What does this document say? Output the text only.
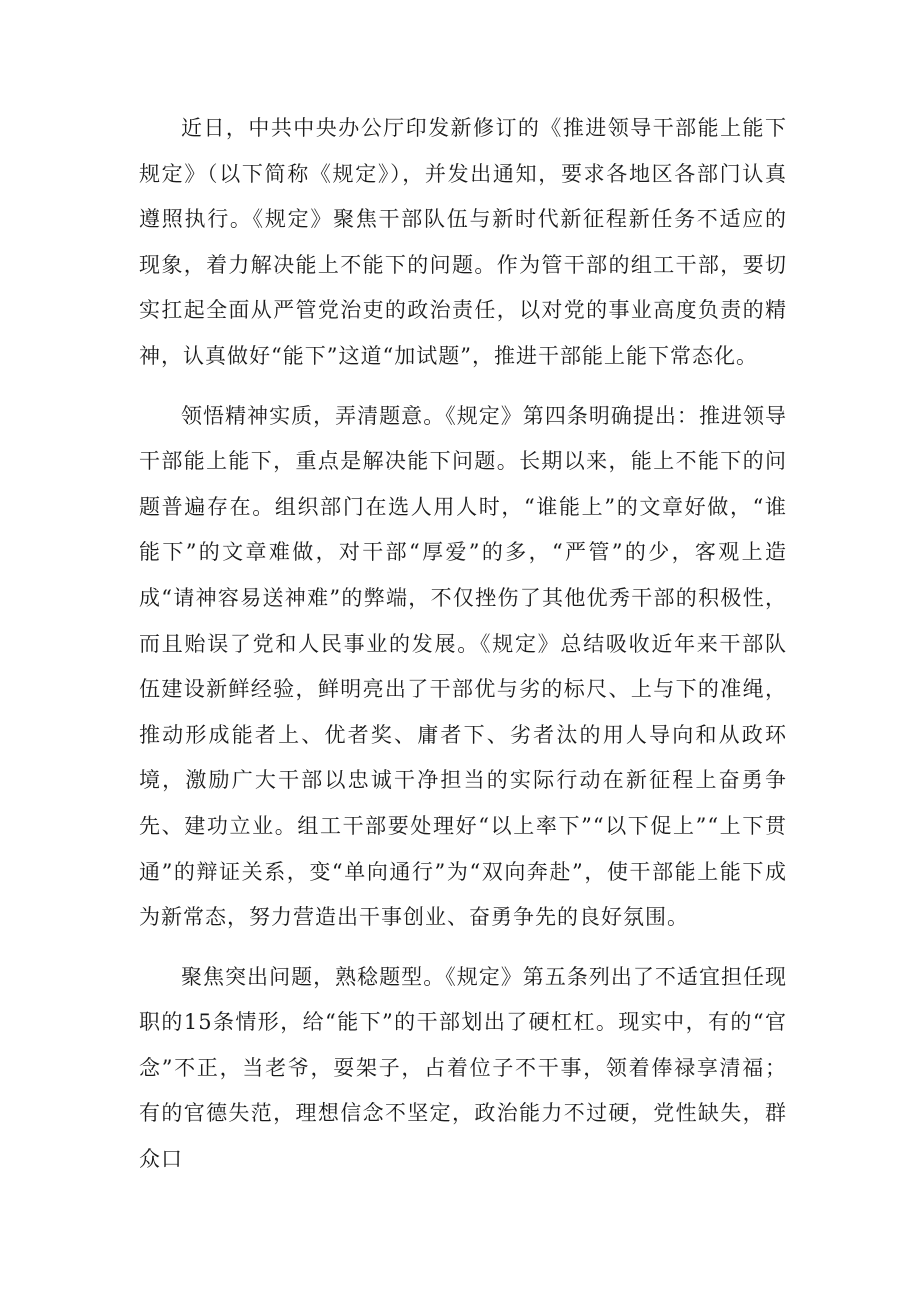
近日，中共中央办公厅印发新修订的《推进领导干部能上能下规定》（以下简称《规定》），并发出通知，要求各地区各部门认真遵照执行。《规定》聚焦干部队伍与新时代新征程新任务不适应的现象，着力解决能上不能下的问题。作为管干部的组工干部，要切实扛起全面从严管党治吏的政治责任，以对党的事业高度负责的精神，认真做好“能下”这道“加试题”，推进干部能上能下常态化。

领悟精神实质，弄清题意。《规定》第四条明确提出：推进领导干部能上能下，重点是解决能下问题。长期以来，能上不能下的问题普遍存在。组织部门在选人用人时，“谁能上”的文章好做，“谁能下”的文章难做，对干部“厚爱”的多，“严管”的少，客观上造成“请神容易送神难”的弊端，不仅挫伤了其他优秀干部的积极性，而且贻误了党和人民事业的发展。《规定》总结吸收近年来干部队伍建设新鲜经验，鲜明亮出了干部优与劣的标尺、上与下的准绳，推动形成能者上、优者奖、庸者下、劣者汰的用人导向和从政环境，激励广大干部以忠诚干净担当的实际行动在新征程上奋勇争先、建功立业。组工干部要处理好“以上率下”“以下促上”“上下贯通”的辩证关系，变“单向通行”为“双向奔赴”，使干部能上能下成为新常态，努力营造出干事创业、奋勇争先的良好氛围。

聚焦突出问题，熟稔题型。《规定》第五条列出了不适宜担任现职的15条情形，给“能下”的干部划出了硬杠杠。现实中，有的“官念”不正，当老爷，耍架子，占着位子不干事，领着俸禄享清福；有的官德失范，理想信念不坚定，政治能力不过硬，党性缺失，群众口
